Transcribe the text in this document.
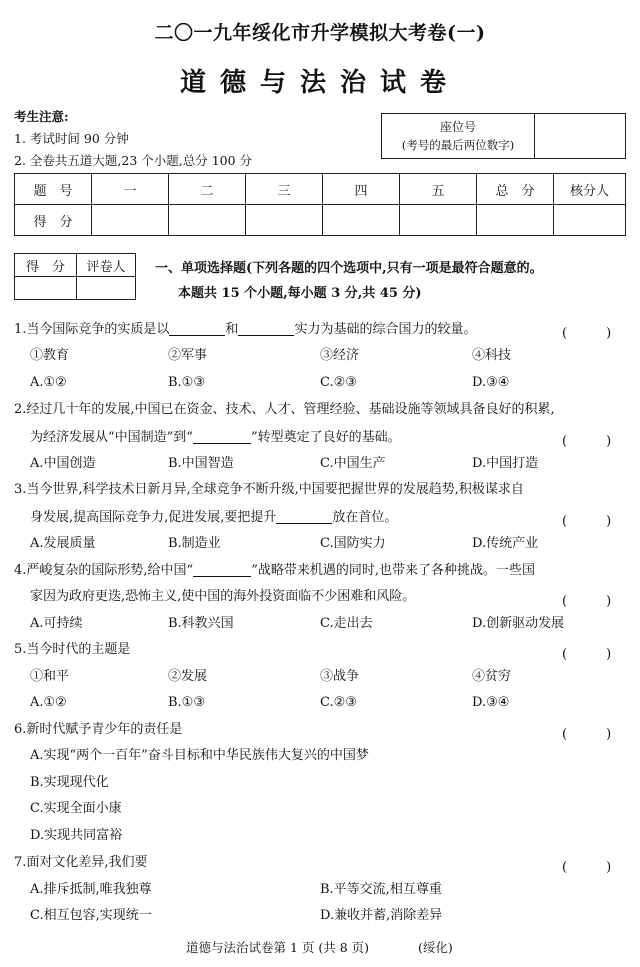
二〇一九年绥化市升学模拟大考卷(一)
道德与法治试卷
考生注意:
1. 考试时间 90 分钟
2. 全卷共五道大题,23 个小题,总分 100 分
座位号
(考号的最后两位数字)

题　号	一	二	三	四	五	总　分	核分人
得　分							
得　分	评卷人
	一、单项选择题(下列各题的四个选项中,只有一项是最符合题意的。
本题共 15 个小题,每小题 3 分,共 45 分)
1.当今国际竞争的实质是以	和	实力为基础的综合国力的较量。	(　　　)
①教育	②军事	③经济	④科技
A.①②	B.①③	C.②③	D.③④
2.经过几十年的发展,中国已在资金、技术、人才、管理经验、基础设施等领域具备良好的积累,
为经济发展从“中国制造”到“	”转型奠定了良好的基础。	(　　　)
A.中国创造	B.中国智造	C.中国生产	D.中国打造
3.当今世界,科学技术日新月异,全球竞争不断升级,中国要把握世界的发展趋势,积极谋求自
身发展,提高国际竞争力,促进发展,要把提升	放在首位。	(　　　)
A.发展质量	B.制造业	C.国防实力	D.传统产业
4.严峻复杂的国际形势,给中国“	”战略带来机遇的同时,也带来了各种挑战。一些国
家因为政府更迭,恐怖主义,使中国的海外投资面临不少困难和风险。	(　　　)
A.可持续	B.科教兴国	C.走出去	D.创新驱动发展
5.当今时代的主题是	(　　　)
①和平	②发展	③战争	④贫穷
A.①②	B.①③	C.②③	D.③④
6.新时代赋予青少年的责任是	(　　　)
A.实现“两个一百年”奋斗目标和中华民族伟大复兴的中国梦
B.实现现代化
C.实现全面小康
D.实现共同富裕
7.面对文化差异,我们要	(　　　)
A.排斥抵制,唯我独尊	B.平等交流,相互尊重
C.相互包容,实现统一	D.兼收并蓄,消除差异
道德与法治试卷第 1 页 (共 8 页)	(绥化)
